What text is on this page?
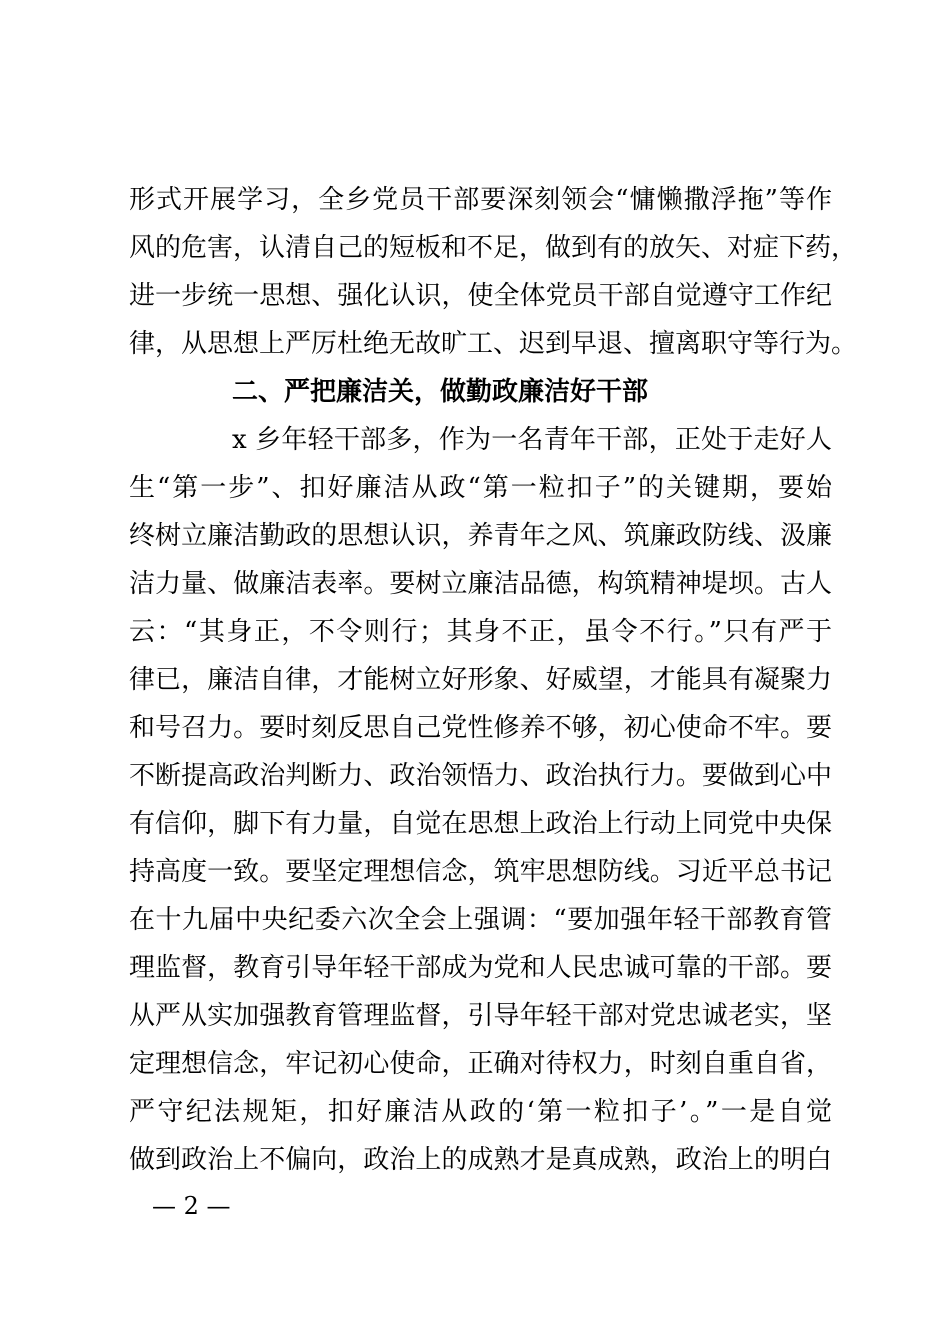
形式开展学习，全乡党员干部要深刻领会“慵懒撒浮拖”等作
风的危害，认清自己的短板和不足，做到有的放矢、对症下药，
进一步统一思想、强化认识，使全体党员干部自觉遵守工作纪
律，从思想上严厉杜绝无故旷工、迟到早退、擅离职守等行为。
二、严把廉洁关，做勤政廉洁好干部
x 乡年轻干部多，作为一名青年干部，正处于走好人
生“第一步”、扣好廉洁从政“第一粒扣子”的关键期，要始
终树立廉洁勤政的思想认识，养青年之风、筑廉政防线、汲廉
洁力量、做廉洁表率。要树立廉洁品德，构筑精神堤坝。古人
云：“其身正，不令则行；其身不正，虽令不行。”只有严于
律已，廉洁自律，才能树立好形象、好威望，才能具有凝聚力
和号召力。要时刻反思自己党性修养不够，初心使命不牢。要
不断提高政治判断力、政治领悟力、政治执行力。要做到心中
有信仰，脚下有力量，自觉在思想上政治上行动上同党中央保
持高度一致。要坚定理想信念，筑牢思想防线。习近平总书记
在十九届中央纪委六次全会上强调：“要加强年轻干部教育管
理监督，教育引导年轻干部成为党和人民忠诚可靠的干部。要
从严从实加强教育管理监督，引导年轻干部对党忠诚老实，坚
定理想信念，牢记初心使命，正确对待权力，时刻自重自省，
严守纪法规矩，扣好廉洁从政的‘第一粒扣子’。”一是自觉
做到政治上不偏向，政治上的成熟才是真成熟，政治上的明白
— 2 —
